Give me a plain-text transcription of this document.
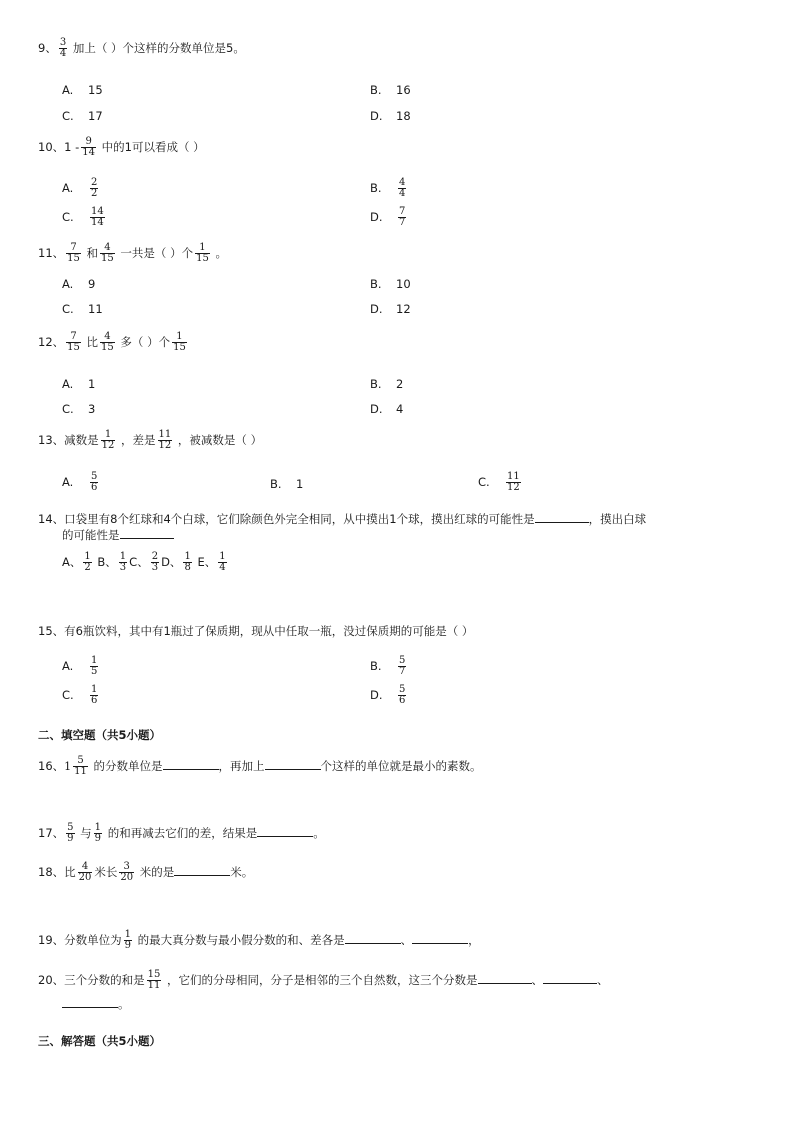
9、 $\frac{3}{4}$ 加上（ ）个这样的分数单位是5。
A. 15	B. 16
C. 17	D. 18
10、$1 - \frac{9}{14}$ 中的1可以看成（ ）
A. $\frac{2}{2}$	B. $\frac{4}{4}$
C. $\frac{14}{14}$	D. $\frac{7}{7}$
11、 $\frac{7}{15}$ 和 $\frac{4}{15}$ 一共是（ ）个 $\frac{1}{15}$ 。
A. 9	B. 10
C. 11	D. 12
12、 $\frac{7}{15}$ 比 $\frac{4}{15}$ 多（ ）个 $\frac{1}{15}$
A. 1	B. 2
C. 3	D. 4
13、减数是 $\frac{1}{12}$ ，差是 $\frac{11}{12}$ ，被减数是（ ）
A. $\frac{5}{6}$	B. 1	C. $\frac{11}{12}$
14、口袋里有8个红球和4个白球，它们除颜色外完全相同，从中摸出1个球，摸出红球的可能性是	，摸出白球
的可能性是
A、 $\frac{1}{2}$ B、 $\frac{1}{3}$ C、 $\frac{2}{3}$ D、 $\frac{1}{8}$ E、 $\frac{1}{4}$
15、有6瓶饮料，其中有1瓶过了保质期，现从中任取一瓶，没过保质期的可能是（ ）
A. $\frac{1}{5}$	B. $\frac{5}{7}$
C. $\frac{1}{6}$	D. $\frac{5}{6}$
二、填空题（共5小题）
16、 $1 \frac{5}{11}$ 的分数单位是	，再加上	个这样的单位就是最小的素数。
17、 $\frac{5}{9}$ 与 $\frac{1}{9}$ 的和再减去它们的差，结果是	。
18、比 $\frac{4}{20}$ 米长 $\frac{3}{20}$ 米的是	米。
19、分数单位为 $\frac{1}{9}$ 的最大真分数与最小假分数的和、差各是	、	，
20、三个分数的和是 $\frac{15}{11}$ ，它们的分母相同，分子是相邻的三个自然数，这三个分数是	、	、
。
三、解答题（共5小题）
